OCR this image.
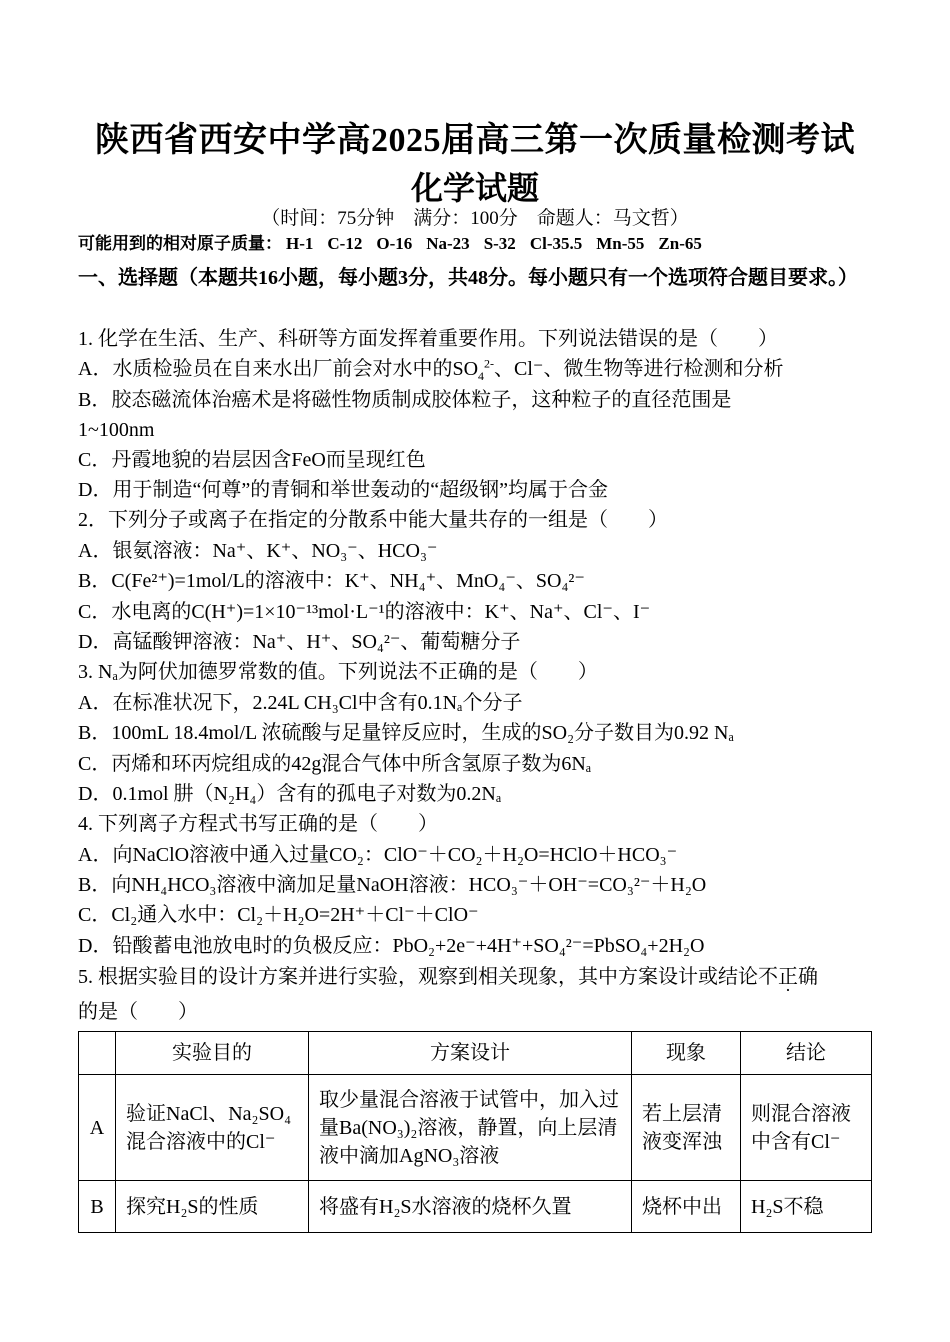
陕西省西安中学高2025届高三第一次质量检测考试
化学试题
（时间：75分钟　满分：100分　命题人：马文哲）
可能用到的相对原子质量： H-1 C-12 O-16 Na-23 S-32 Cl-35.5 Mn-55 Zn-65
一、选择题（本题共16小题，每小题3分，共48分。每小题只有一个选项符合题目要求。）
1. 化学在生活、生产、科研等方面发挥着重要作用。下列说法错误的是（　　）
A．水质检验员在自来水出厂前会对水中的$SO_4^{2-}$、Cl⁻、微生物等进行检测和分析
B．胶态磁流体治癌术是将磁性物质制成胶体粒子，这种粒子的直径范围是
1~100nm
C．丹霞地貌的岩层因含FeO而呈现红色
D．用于制造“何尊”的青铜和举世轰动的“超级钢”均属于合金
2．下列分子或离子在指定的分散系中能大量共存的一组是（　　）
A．银氨溶液：Na⁺、K⁺、NO₃⁻、HCO₃⁻
B．C(Fe²⁺)=1mol/L的溶液中：K⁺、NH₄⁺、MnO₄⁻、SO₄²⁻
C．水电离的C(H⁺)=1×10⁻¹³mol·L⁻¹的溶液中：K⁺、Na⁺、Cl⁻、I⁻
D．高锰酸钾溶液：Na⁺、H⁺、SO₄²⁻、葡萄糖分子
3. Nₐ为阿伏加德罗常数的值。下列说法不正确的是（　　）
A．在标准状况下，2.24L CH₃Cl中含有0.1Nₐ个分子
B．100mL 18.4mol/L 浓硫酸与足量锌反应时，生成的SO₂分子数目为0.92 Nₐ
C．丙烯和环丙烷组成的42g混合气体中所含氢原子数为6Nₐ
D．0.1mol 肼（N₂H₄）含有的孤电子对数为0.2Nₐ
4. 下列离子方程式书写正确的是（　　）
A．向NaClO溶液中通入过量CO₂：ClO⁻＋CO₂＋H₂O=HClO＋HCO₃⁻
B．向NH₄HCO₃溶液中滴加足量NaOH溶液：HCO₃⁻＋OH⁻=CO₃²⁻＋H₂O
C．Cl₂通入水中：Cl₂＋H₂O=2H⁺＋Cl⁻＋ClO⁻
D．铅酸蓄电池放电时的负极反应：PbO₂+2e⁻+4H⁺+SO₄²⁻=PbSO₄+2H₂O
5. 根据实验目的设计方案并进行实验，观察到相关现象，其中方案设计或结论不正确
的是（　　）
	实验目的	方案设计	现象	结论
A	验证NaCl、Na₂SO₄混合溶液中的Cl⁻	取少量混合溶液于试管中，加入过量Ba(NO₃)₂溶液，静置，向上层清液中滴加AgNO₃溶液	若上层清液变浑浊	则混合溶液中含有Cl⁻
B	探究H₂S的性质	将盛有H₂S水溶液的烧杯久置	烧杯中出	H₂S不稳
